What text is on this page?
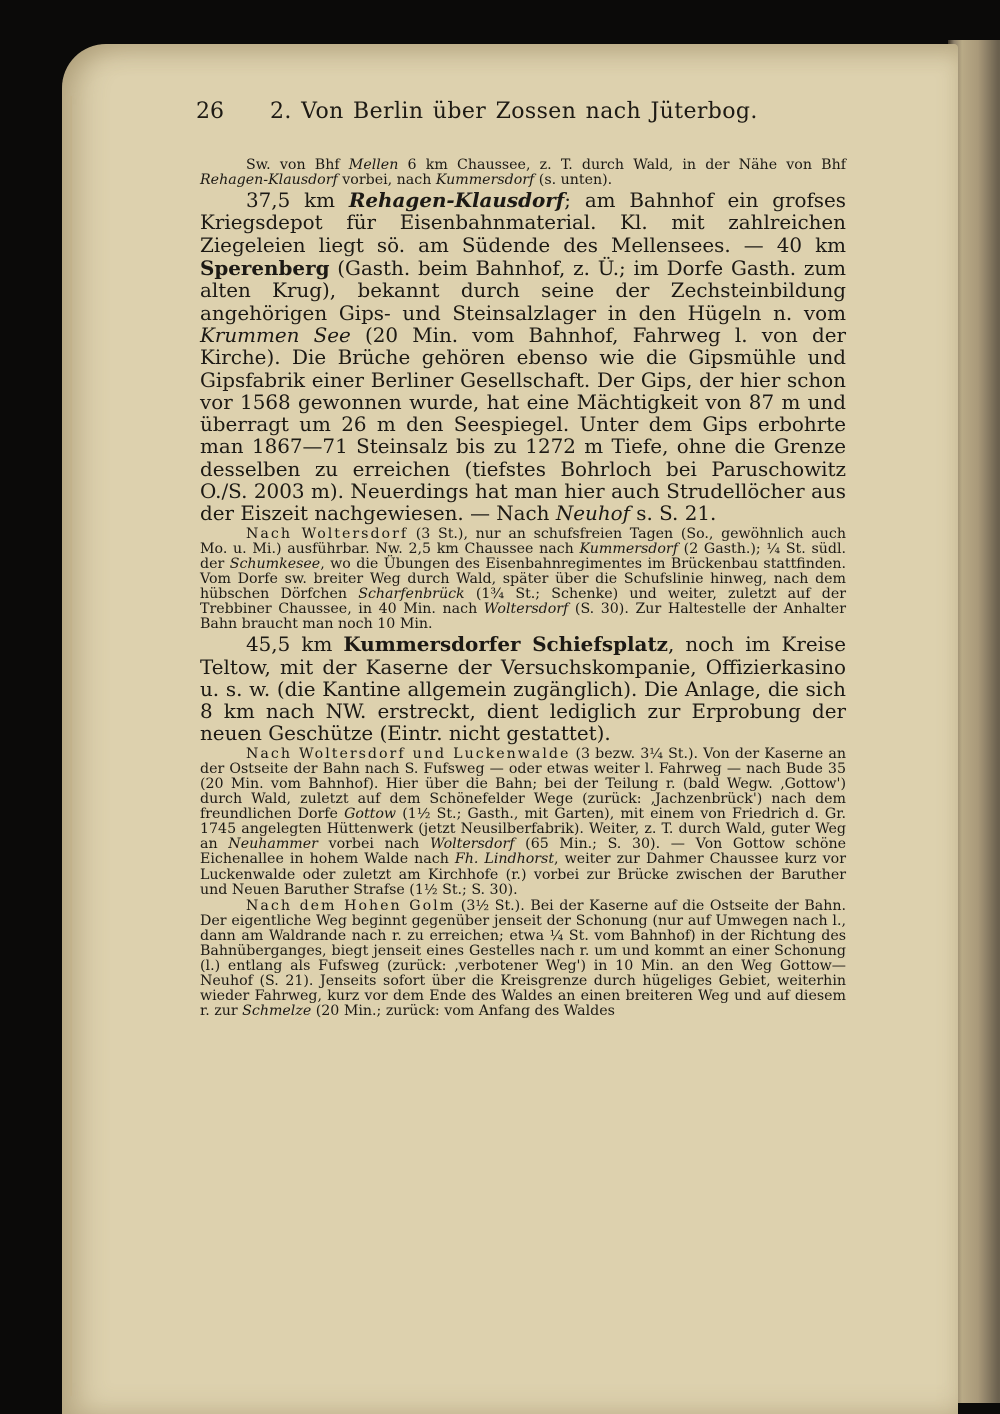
26 2. Von Berlin über Zossen nach Jüterbog.

Sw. von Bhf Mellen 6 km Chaussee, z. T. durch Wald, in der Nähe von Bhf Rehagen-Klausdorf vorbei, nach Kummersdorf (s. unten).

37,5 km Rehagen-Klausdorf; am Bahnhof ein grofses Kriegsdepot für Eisenbahnmaterial. Kl. mit zahlreichen Ziegeleien liegt sö. am Südende des Mellensees. — 40 km Sperenberg (Gasth. beim Bahnhof, z. Ü.; im Dorfe Gasth. zum alten Krug), bekannt durch seine der Zechsteinbildung angehörigen Gips- und Steinsalzlager in den Hügeln n. vom Krummen See (20 Min. vom Bahnhof, Fahrweg l. von der Kirche). Die Brüche gehören ebenso wie die Gipsmühle und Gipsfabrik einer Berliner Gesellschaft. Der Gips, der hier schon vor 1568 gewonnen wurde, hat eine Mächtigkeit von 87 m und überragt um 26 m den Seespiegel. Unter dem Gips erbohrte man 1867—71 Steinsalz bis zu 1272 m Tiefe, ohne die Grenze desselben zu erreichen (tiefstes Bohrloch bei Paruschowitz O./S. 2003 m). Neuerdings hat man hier auch Strudellöcher aus der Eiszeit nachgewiesen. — Nach Neuhof s. S. 21.

Nach Woltersdorf (3 St.), nur an schufsfreien Tagen (So., gewöhnlich auch Mo. u. Mi.) ausführbar. Nw. 2,5 km Chaussee nach Kummersdorf (2 Gasth.); ¼ St. südl. der Schumkesee, wo die Übungen des Eisenbahnregimentes im Brückenbau stattfinden. Vom Dorfe sw. breiter Weg durch Wald, später über die Schufslinie hinweg, nach dem hübschen Dörfchen Scharfenbrück (1¾ St.; Schenke) und weiter, zuletzt auf der Trebbiner Chaussee, in 40 Min. nach Woltersdorf (S. 30). Zur Haltestelle der Anhalter Bahn braucht man noch 10 Min.

45,5 km Kummersdorfer Schiefsplatz, noch im Kreise Teltow, mit der Kaserne der Versuchskompanie, Offizierkasino u. s. w. (die Kantine allgemein zugänglich). Die Anlage, die sich 8 km nach NW. erstreckt, dient lediglich zur Erprobung der neuen Geschütze (Eintr. nicht gestattet).

Nach Woltersdorf und Luckenwalde (3 bezw. 3¼ St.). Von der Kaserne an der Ostseite der Bahn nach S. Fufsweg — oder etwas weiter l. Fahrweg — nach Bude 35 (20 Min. vom Bahnhof). Hier über die Bahn; bei der Teilung r. (bald Wegw. ‚Gottow') durch Wald, zuletzt auf dem Schönefelder Wege (zurück: ‚Jachzenbrück') nach dem freundlichen Dorfe Gottow (1½ St.; Gasth., mit Garten), mit einem von Friedrich d. Gr. 1745 angelegten Hüttenwerk (jetzt Neusilberfabrik). Weiter, z. T. durch Wald, guter Weg an Neuhammer vorbei nach Woltersdorf (65 Min.; S. 30). — Von Gottow schöne Eichenallee in hohem Walde nach Fh. Lindhorst, weiter zur Dahmer Chaussee kurz vor Luckenwalde oder zuletzt am Kirchhofe (r.) vorbei zur Brücke zwischen der Baruther und Neuen Baruther Strafse (1½ St.; S. 30).

Nach dem Hohen Golm (3½ St.). Bei der Kaserne auf die Ostseite der Bahn. Der eigentliche Weg beginnt gegenüber jenseit der Schonung (nur auf Umwegen nach l., dann am Waldrande nach r. zu erreichen; etwa ¼ St. vom Bahnhof) in der Richtung des Bahnüberganges, biegt jenseit eines Gestelles nach r. um und kommt an einer Schonung (l.) entlang als Fufsweg (zurück: ‚verbotener Weg') in 10 Min. an den Weg Gottow—Neuhof (S. 21). Jenseits sofort über die Kreisgrenze durch hügeliges Gebiet, weiterhin wieder Fahrweg, kurz vor dem Ende des Waldes an einen breiteren Weg und auf diesem r. zur Schmelze (20 Min.; zurück: vom Anfang des Waldes
